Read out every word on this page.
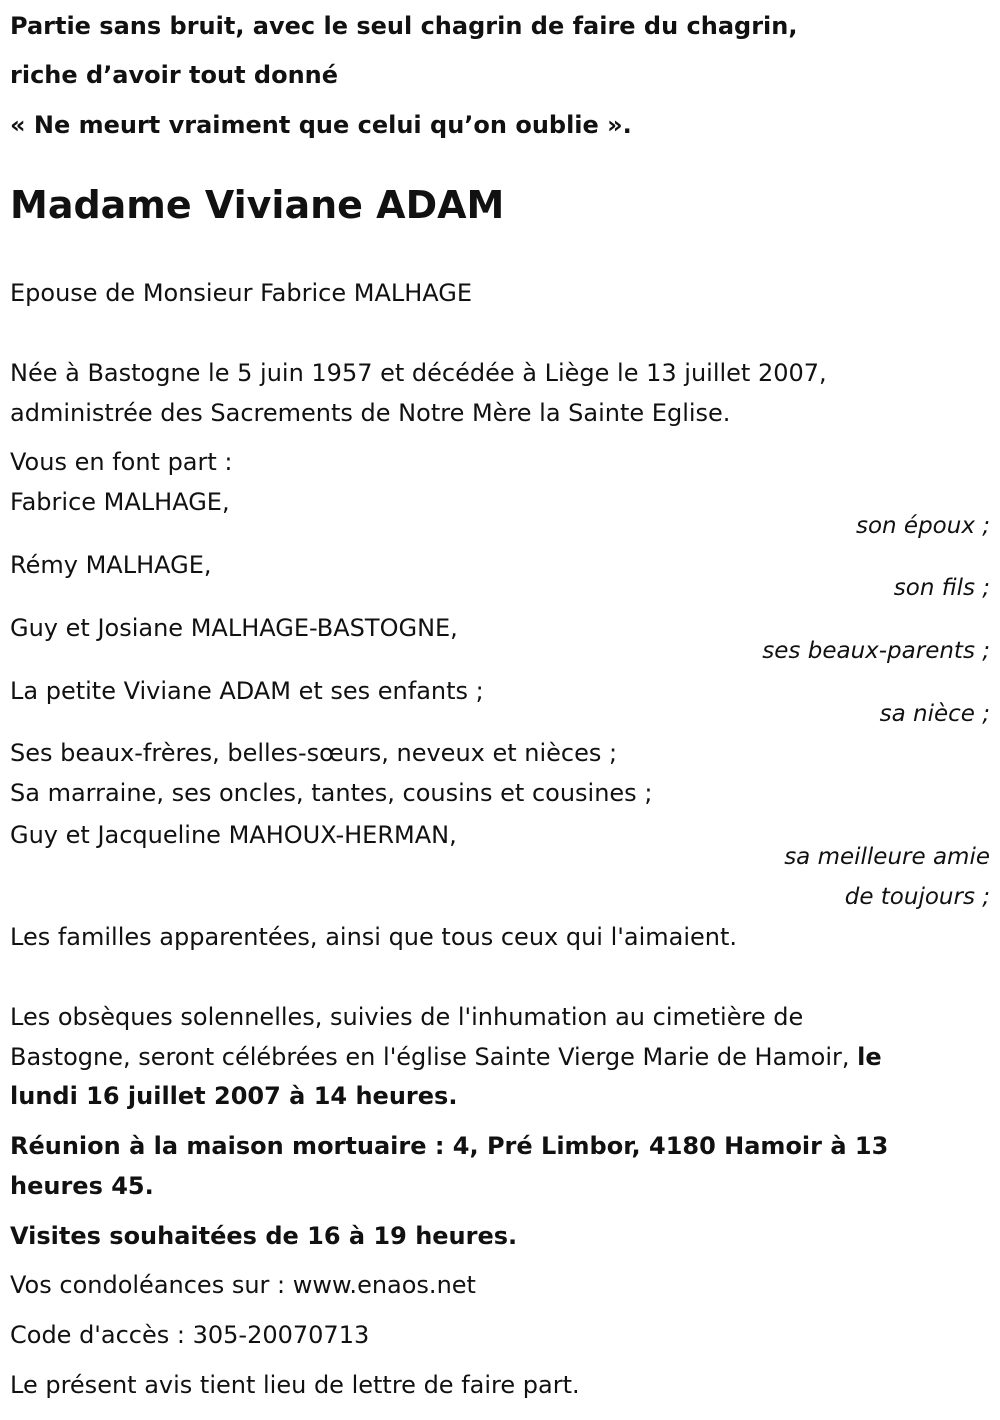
Partie sans bruit, avec le seul chagrin de faire du chagrin,
riche d’avoir tout donné
« Ne meurt vraiment que celui qu’on oublie ».
Madame Viviane ADAM
Epouse de Monsieur Fabrice MALHAGE
Née à Bastogne le 5 juin 1957 et décédée à Liège le 13 juillet 2007,
administrée des Sacrements de Notre Mère la Sainte Eglise.
Vous en font part :
Fabrice MALHAGE,
son époux ;
Rémy MALHAGE,
son fils ;
Guy et Josiane MALHAGE-BASTOGNE,
ses beaux-parents ;
La petite Viviane ADAM et ses enfants ;
sa nièce ;
Ses beaux-frères, belles-sœurs, neveux et nièces ;
Sa marraine, ses oncles, tantes, cousins et cousines ;
Guy et Jacqueline MAHOUX-HERMAN,
sa meilleure amie
de toujours ;
Les familles apparentées, ainsi que tous ceux qui l'aimaient.
Les obsèques solennelles, suivies de l'inhumation au cimetière de
Bastogne, seront célébrées en l'église Sainte Vierge Marie de Hamoir, le
lundi 16 juillet 2007 à 14 heures.
Réunion à la maison mortuaire : 4, Pré Limbor, 4180 Hamoir à 13
heures 45.
Visites souhaitées de 16 à 19 heures.
Vos condoléances sur : www.enaos.net
Code d'accès : 305-20070713
Le présent avis tient lieu de lettre de faire part.
